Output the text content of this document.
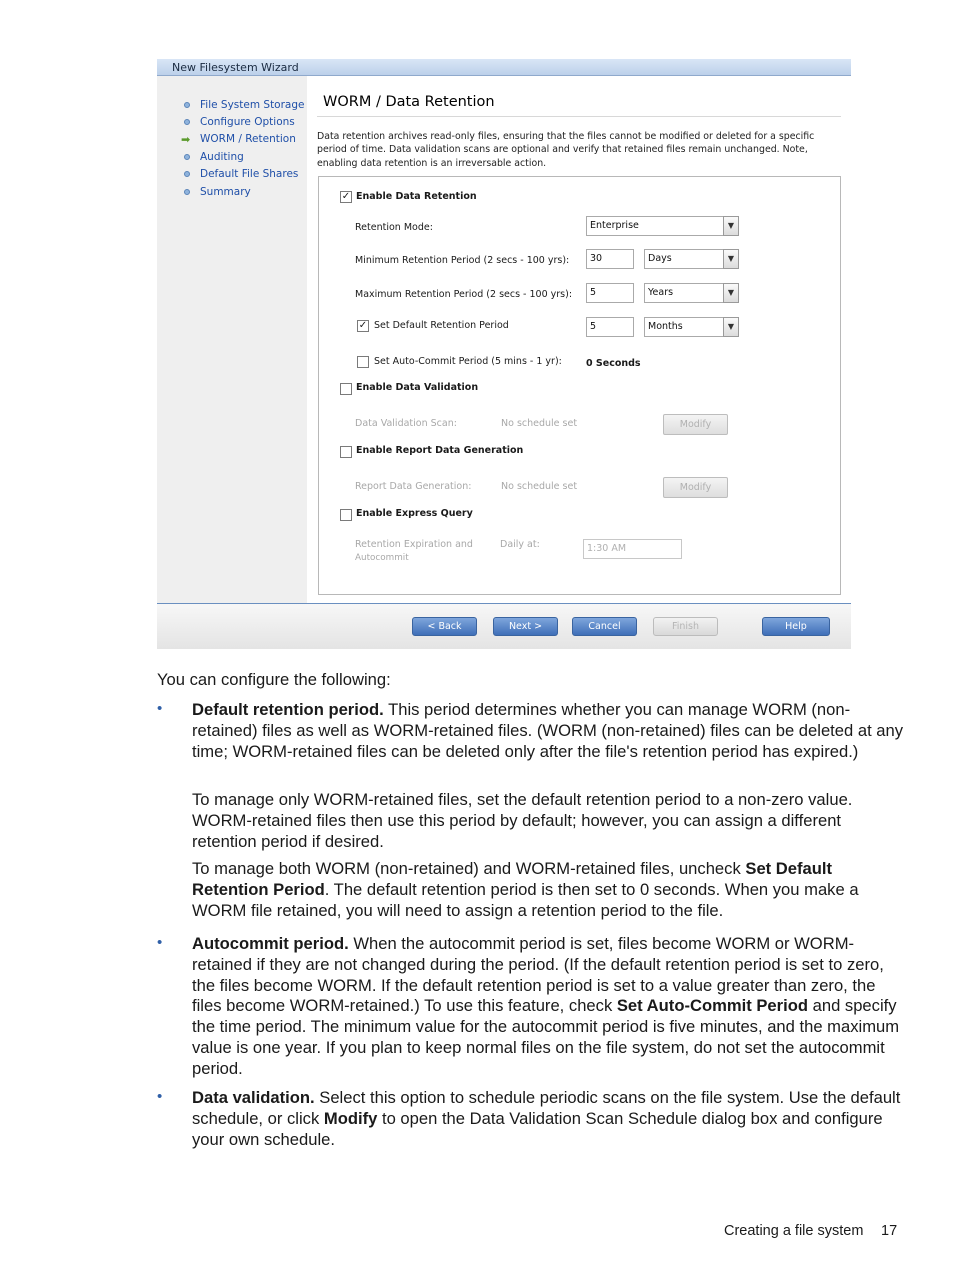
New Filesystem Wizard
File System Storage
Configure Options
➡ WORM / Retention
Auditing
Default File Shares
Summary
WORM / Data Retention
Data retention archives read-only files, ensuring that the files cannot be modified or deleted for a specific period of time. Data validation scans are optional and verify that retained files remain unchanged. Note, enabling data retention is an irreversable action.
✓ Enable Data Retention
Retention Mode:	Enterprise	▼
Minimum Retention Period (2 secs - 100 yrs):	30	Days	▼
Maximum Retention Period (2 secs - 100 yrs):	5	Years	▼
✓ Set Default Retention Period	5	Months	▼
Set Auto-Commit Period (5 mins - 1 yr):	0 Seconds
Enable Data Validation
Data Validation Scan:	No schedule set	Modify
Enable Report Data Generation
Report Data Generation:	No schedule set	Modify
Enable Express Query
Retention Expiration and
Autocommit
Daily at:	1:30 AM
< Back	Next >	Cancel	Finish	Help
You can configure the following:
•	Default retention period. This period determines whether you can manage WORM (non-retained) files as well as WORM-retained files. (WORM (non-retained) files can be deleted at any time; WORM-retained files can be deleted only after the file's retention period has expired.)
To manage only WORM-retained files, set the default retention period to a non-zero value. WORM-retained files then use this period by default; however, you can assign a different retention period if desired.
To manage both WORM (non-retained) and WORM-retained files, uncheck Set Default Retention Period. The default retention period is then set to 0 seconds. When you make a WORM file retained, you will need to assign a retention period to the file.
•	Autocommit period. When the autocommit period is set, files become WORM or WORM-retained if they are not changed during the period. (If the default retention period is set to zero, the files become WORM. If the default retention period is set to a value greater than zero, the files become WORM-retained.) To use this feature, check Set Auto-Commit Period and specify the time period. The minimum value for the autocommit period is five minutes, and the maximum value is one year. If you plan to keep normal files on the file system, do not set the autocommit period.
•	Data validation. Select this option to schedule periodic scans on the file system. Use the default schedule, or click Modify to open the Data Validation Scan Schedule dialog box and configure your own schedule.
Creating a file system 17
